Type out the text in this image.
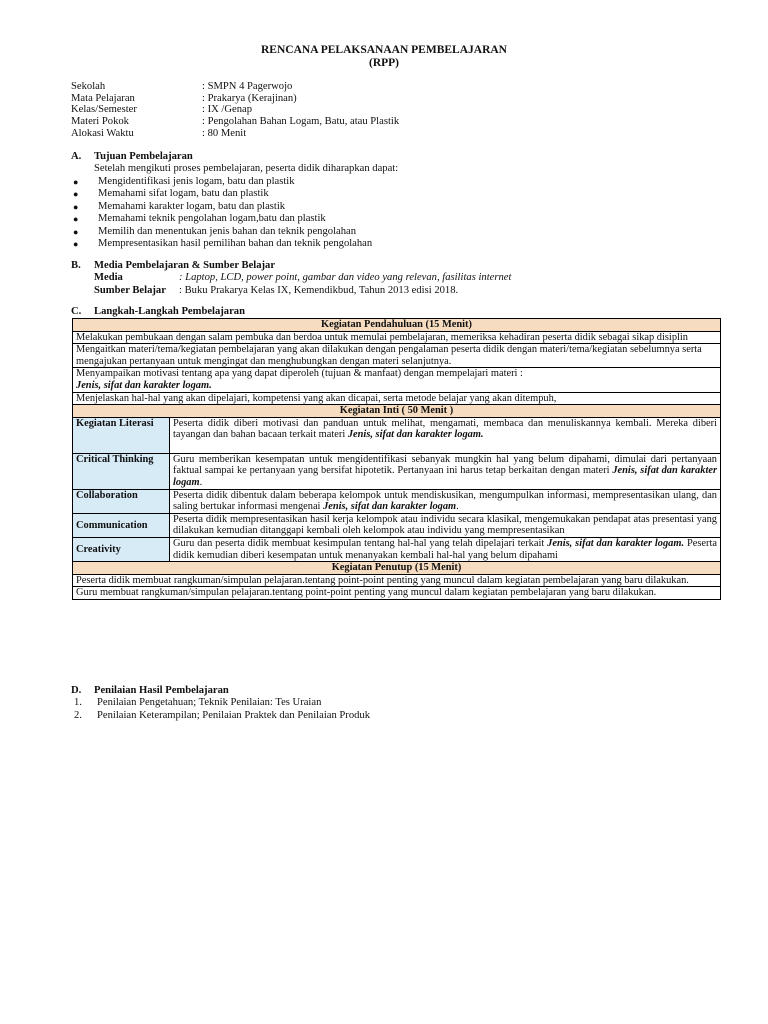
RENCANA PELAKSANAAN PEMBELAJARAN
(RPP)
Sekolah	: SMPN 4 Pagerwojo
Mata Pelajaran	: Prakarya (Kerajinan)
Kelas/Semester	: IX /Genap
Materi Pokok	: Pengolahan Bahan Logam, Batu, atau Plastik
Alokasi Waktu	: 80 Menit
A.	Tujuan Pembelajaran
Setelah mengikuti proses pembelajaran, peserta didik diharapkan dapat:
●	Mengidentifikasi jenis logam, batu dan plastik
●	Memahami sifat logam, batu dan plastik
●	Memahami karakter logam, batu dan plastik
●	Memahami teknik pengolahan logam,batu dan plastik
●	Memilih dan menentukan jenis bahan dan teknik pengolahan
●	Mempresentasikan hasil pemilihan bahan dan teknik pengolahan
B.	Media Pembelajaran & Sumber Belajar
Media	: Laptop, LCD, power point, gambar dan video yang relevan, fasilitas internet
Sumber Belajar	: Buku Prakarya Kelas IX, Kemendikbud, Tahun 2013 edisi 2018.
C.	Langkah-Langkah Pembelajaran
Kegiatan Pendahuluan (15 Menit)	
Melakukan pembukaan dengan salam pembuka dan berdoa untuk memulai pembelajaran, memeriksa kehadiran peserta didik sebagai sikap disiplin	
Mengaitkan materi/tema/kegiatan pembelajaran yang akan dilakukan dengan pengalaman peserta didik dengan materi/tema/kegiatan sebelumnya serta mengajukan pertanyaan untuk mengingat dan menghubungkan dengan materi selanjutnya.	
Menyampaikan motivasi tentang apa yang dapat diperoleh (tujuan & manfaat) dengan mempelajari materi :
Jenis, sifat dan karakter logam.	
Menjelaskan hal-hal yang akan dipelajari, kompetensi yang akan dicapai, serta metode belajar yang akan ditempuh,	
Kegiatan Inti ( 50 Menit )	
Kegiatan Literasi	Peserta didik diberi motivasi dan panduan untuk melihat, mengamati, membaca dan menuliskannya kembali. Mereka diberi tayangan dan bahan bacaan terkait materi Jenis, sifat dan karakter logam.
Critical Thinking	Guru memberikan kesempatan untuk mengidentifikasi sebanyak mungkin hal yang belum dipahami, dimulai dari pertanyaan faktual sampai ke pertanyaan yang bersifat hipotetik. Pertanyaan ini harus tetap berkaitan dengan materi Jenis, sifat dan karakter logam.
Collaboration	Peserta didik dibentuk dalam beberapa kelompok untuk mendiskusikan, mengumpulkan informasi, mempresentasikan ulang, dan saling bertukar informasi mengenai Jenis, sifat dan karakter logam.
Communication	Peserta didik mempresentasikan hasil kerja kelompok atau individu secara klasikal, mengemukakan pendapat atas presentasi yang dilakukan kemudian ditanggapi kembali oleh kelompok atau individu yang mempresentasikan
Creativity	Guru dan peserta didik membuat kesimpulan tentang hal-hal yang telah dipelajari terkait Jenis, sifat dan karakter logam. Peserta didik kemudian diberi kesempatan untuk menanyakan kembali hal-hal yang belum dipahami
Kegiatan Penutup (15 Menit)	
Peserta didik membuat rangkuman/simpulan pelajaran.tentang point-point penting yang muncul dalam kegiatan pembelajaran yang baru dilakukan.	
Guru membuat rangkuman/simpulan pelajaran.tentang point-point penting yang muncul dalam kegiatan pembelajaran yang baru dilakukan.	
D.	Penilaian Hasil Pembelajaran
1.	Penilaian Pengetahuan; Teknik Penilaian: Tes Uraian
2.	Penilaian Keterampilan; Penilaian Praktek dan Penilaian Produk
